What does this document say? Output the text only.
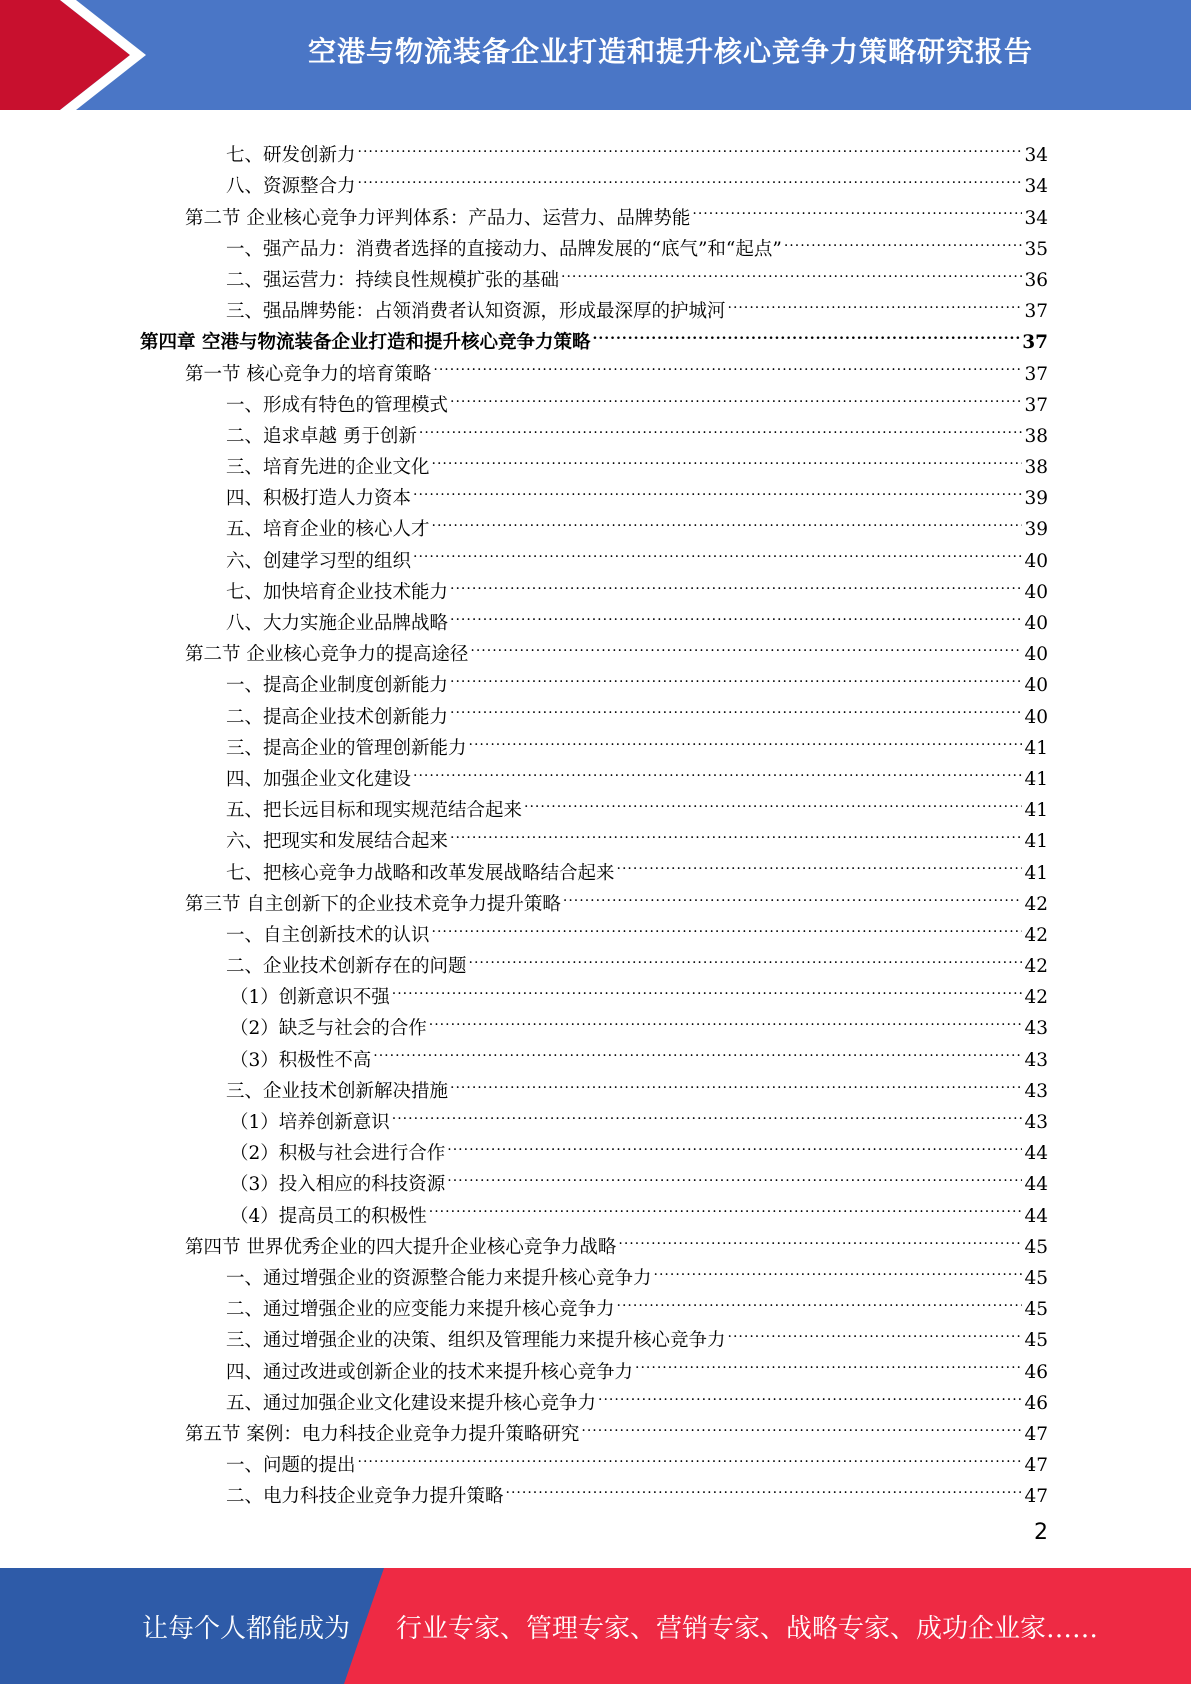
空港与物流装备企业打造和提升核心竞争力策略研究报告
七、研发创新力 .....	34
八、资源整合力 .....	34
第二节 企业核心竞争力评判体系：产品力、运营力、品牌势能 .....	34
一、强产品力：消费者选择的直接动力、品牌发展的“底气”和“起点” .....	35
二、强运营力：持续良性规模扩张的基础 .....	36
三、强品牌势能：占领消费者认知资源，形成最深厚的护城河 .....	37
第四章 空港与物流装备企业打造和提升核心竞争力策略 .....	37
第一节 核心竞争力的培育策略 .....	37
一、形成有特色的管理模式 .....	37
二、追求卓越 勇于创新 .....	38
三、培育先进的企业文化 .....	38
四、积极打造人力资本 .....	39
五、培育企业的核心人才 .....	39
六、创建学习型的组织 .....	40
七、加快培育企业技术能力 .....	40
八、大力实施企业品牌战略 .....	40
第二节 企业核心竞争力的提高途径 .....	40
一、提高企业制度创新能力 .....	40
二、提高企业技术创新能力 .....	40
三、提高企业的管理创新能力 .....	41
四、加强企业文化建设 .....	41
五、把长远目标和现实规范结合起来 .....	41
六、把现实和发展结合起来 .....	41
七、把核心竞争力战略和改革发展战略结合起来 .....	41
第三节 自主创新下的企业技术竞争力提升策略 .....	42
一、自主创新技术的认识 .....	42
二、企业技术创新存在的问题 .....	42
（1）创新意识不强 .....	42
（2）缺乏与社会的合作 .....	43
（3）积极性不高 .....	43
三、企业技术创新解决措施 .....	43
（1）培养创新意识 .....	43
（2）积极与社会进行合作 .....	44
（3）投入相应的科技资源 .....	44
（4）提高员工的积极性 .....	44
第四节 世界优秀企业的四大提升企业核心竞争力战略 .....	45
一、通过增强企业的资源整合能力来提升核心竞争力 .....	45
二、通过增强企业的应变能力来提升核心竞争力 .....	45
三、通过增强企业的决策、组织及管理能力来提升核心竞争力 .....	45
四、通过改进或创新企业的技术来提升核心竞争力 .....	46
五、通过加强企业文化建设来提升核心竞争力 .....	46
第五节 案例：电力科技企业竞争力提升策略研究 .....	47
一、问题的提出 .....	47
二、电力科技企业竞争力提升策略 .....	47
2
让每个人都能成为 行业专家、管理专家、营销专家、战略专家、成功企业家……
